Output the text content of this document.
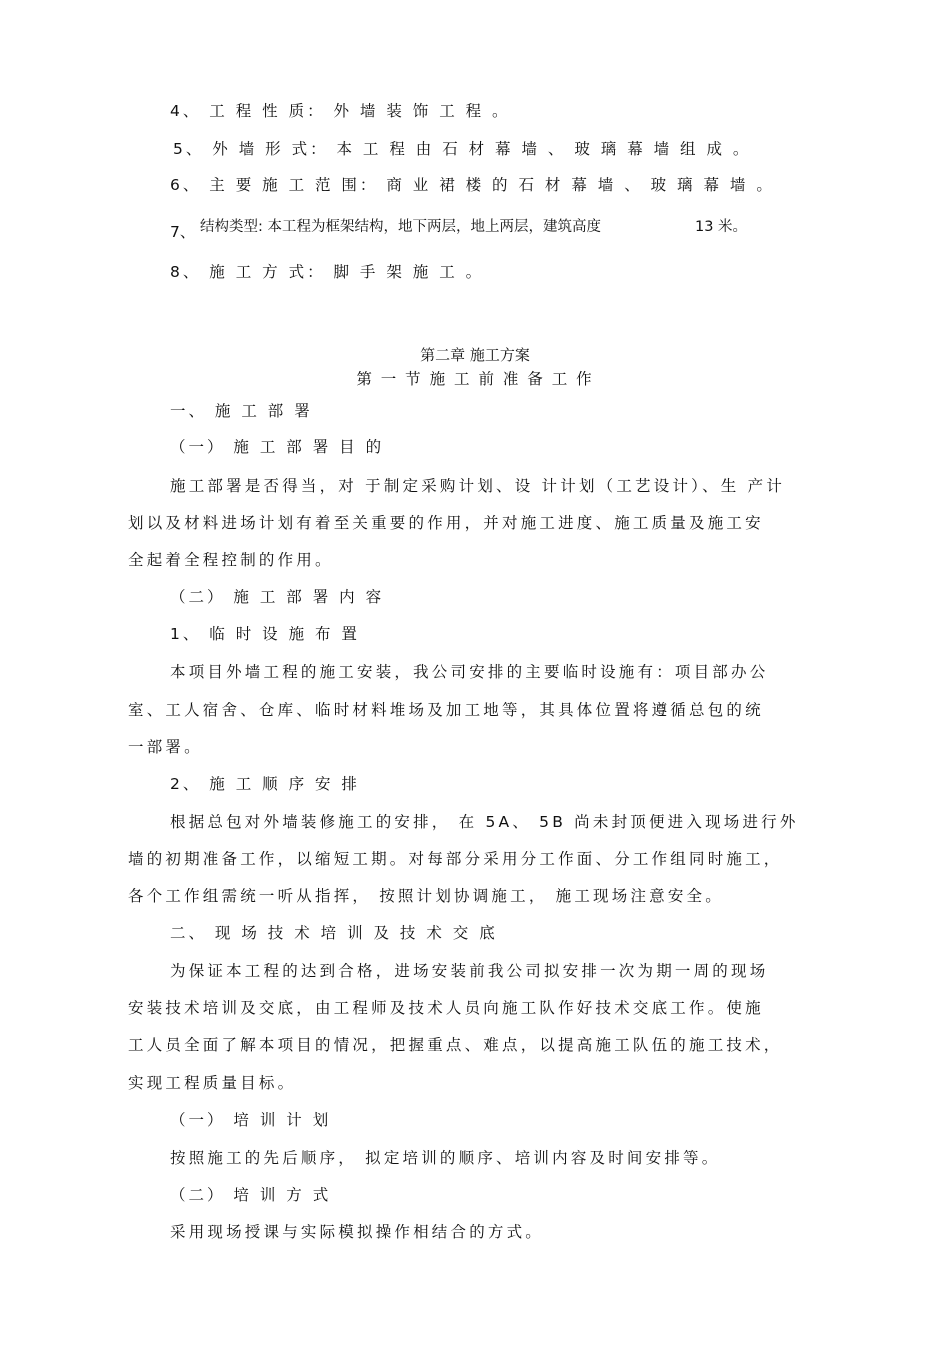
4、 工 程 性 质： 外 墙 装 饰 工 程 。
5、 外 墙 形 式： 本 工 程 由 石 材 幕 墙 、 玻 璃 幕 墙 组 成 。
6、 主 要 施 工 范 围： 商 业 裙 楼 的 石 材 幕 墙 、 玻 璃 幕 墙 。
7、 结构类型: 本工程为框架结构，地下两层，地上两层，建筑高度	13 米。
8、 施 工 方 式： 脚 手 架 施 工 。
第二章 施工方案
第 一 节 施 工 前 准 备 工 作
一、 施 工 部 署
（一） 施 工 部 署 目 的
施工部署是否得当，对 于制定采购计划、设 计计划（工艺设计）、生 产计
划以及材料进场计划有着至关重要的作用，并对施工进度、施工质量及施工安
全起着全程控制的作用。
（二） 施 工 部 署 内 容
1、 临 时 设 施 布 置
本项目外墙工程的施工安装，我公司安排的主要临时设施有：项目部办公
室、工人宿舍、仓库、临时材料堆场及加工地等，其具体位置将遵循总包的统
一部署。
2、 施 工 顺 序 安 排
根据总包对外墙装修施工的安排， 在 5A、 5B 尚未封顶便进入现场进行外
墙的初期准备工作，以缩短工期。对每部分采用分工作面、分工作组同时施工，
各个工作组需统一听从指挥， 按照计划协调施工， 施工现场注意安全。
二、 现 场 技 术 培 训 及 技 术 交 底
为保证本工程的达到合格，进场安装前我公司拟安排一次为期一周的现场
安装技术培训及交底，由工程师及技术人员向施工队作好技术交底工作。使施
工人员全面了解本项目的情况，把握重点、难点，以提高施工队伍的施工技术，
实现工程质量目标。
（一） 培 训 计 划
按照施工的先后顺序， 拟定培训的顺序、培训内容及时间安排等。
（二） 培 训 方 式
采用现场授课与实际模拟操作相结合的方式。
